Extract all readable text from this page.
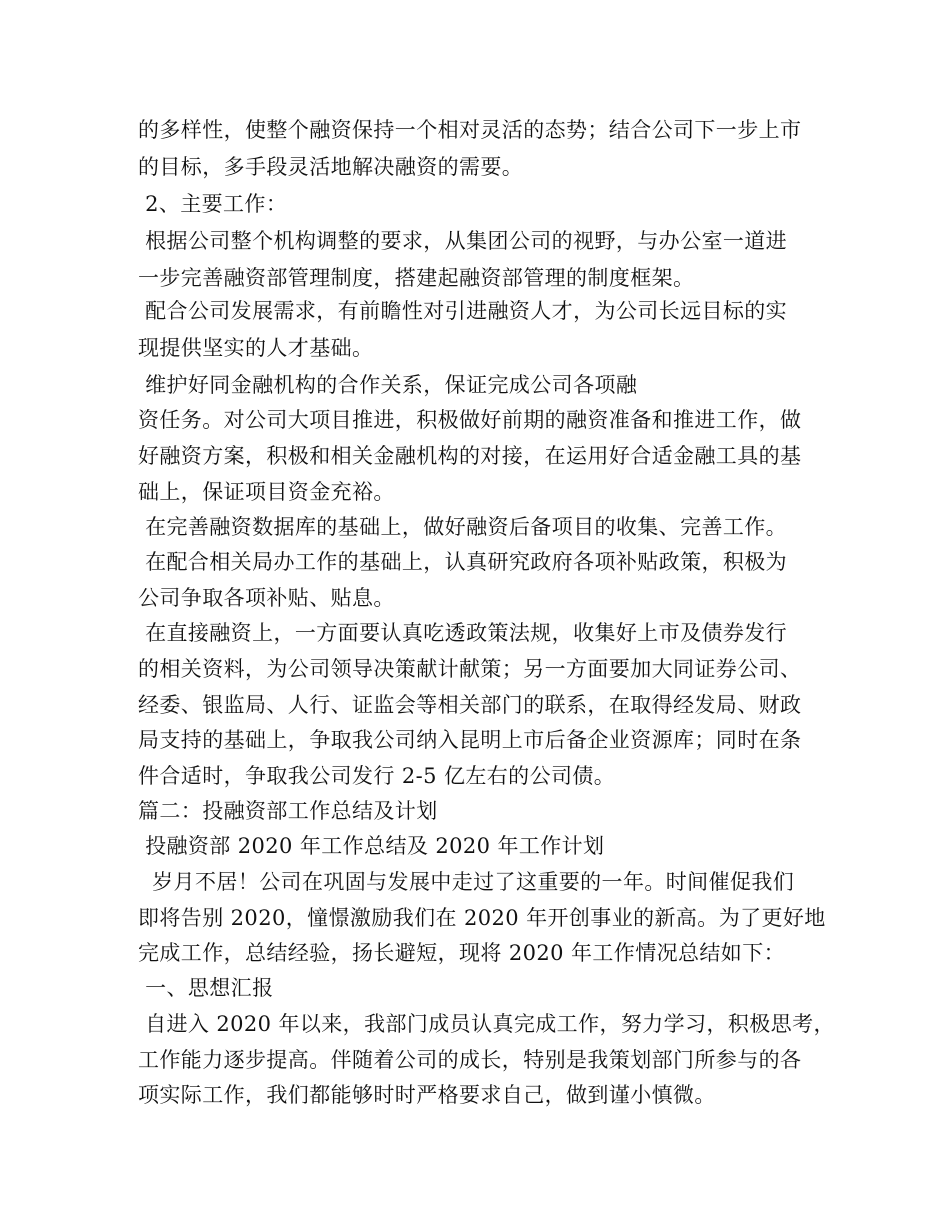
的多样性，使整个融资保持一个相对灵活的态势；结合公司下一步上市
的目标，多手段灵活地解决融资的需要。
2、主要工作：
根据公司整个机构调整的要求，从集团公司的视野，与办公室一道进
一步完善融资部管理制度，搭建起融资部管理的制度框架。
配合公司发展需求，有前瞻性对引进融资人才，为公司长远目标的实
现提供坚实的人才基础。
维护好同金融机构的合作关系，保证完成公司各项融
资任务。对公司大项目推进，积极做好前期的融资准备和推进工作，做
好融资方案，积极和相关金融机构的对接，在运用好合适金融工具的基
础上，保证项目资金充裕。
在完善融资数据库的基础上，做好融资后备项目的收集、完善工作。
在配合相关局办工作的基础上，认真研究政府各项补贴政策，积极为
公司争取各项补贴、贴息。
在直接融资上，一方面要认真吃透政策法规，收集好上市及债券发行
的相关资料，为公司领导决策献计献策；另一方面要加大同证券公司、
经委、银监局、人行、证监会等相关部门的联系，在取得经发局、财政
局支持的基础上，争取我公司纳入昆明上市后备企业资源库；同时在条
件合适时，争取我公司发行 2-5 亿左右的公司债。
篇二：投融资部工作总结及计划
投融资部 2020 年工作总结及 2020 年工作计划
岁月不居！公司在巩固与发展中走过了这重要的一年。时间催促我们
即将告别 2020，憧憬激励我们在 2020 年开创事业的新高。为了更好地
完成工作，总结经验，扬长避短，现将 2020 年工作情况总结如下：
一、思想汇报
自进入 2020 年以来，我部门成员认真完成工作，努力学习，积极思考，
工作能力逐步提高。伴随着公司的成长，特别是我策划部门所参与的各
项实际工作，我们都能够时时严格要求自己，做到谨小慎微。
